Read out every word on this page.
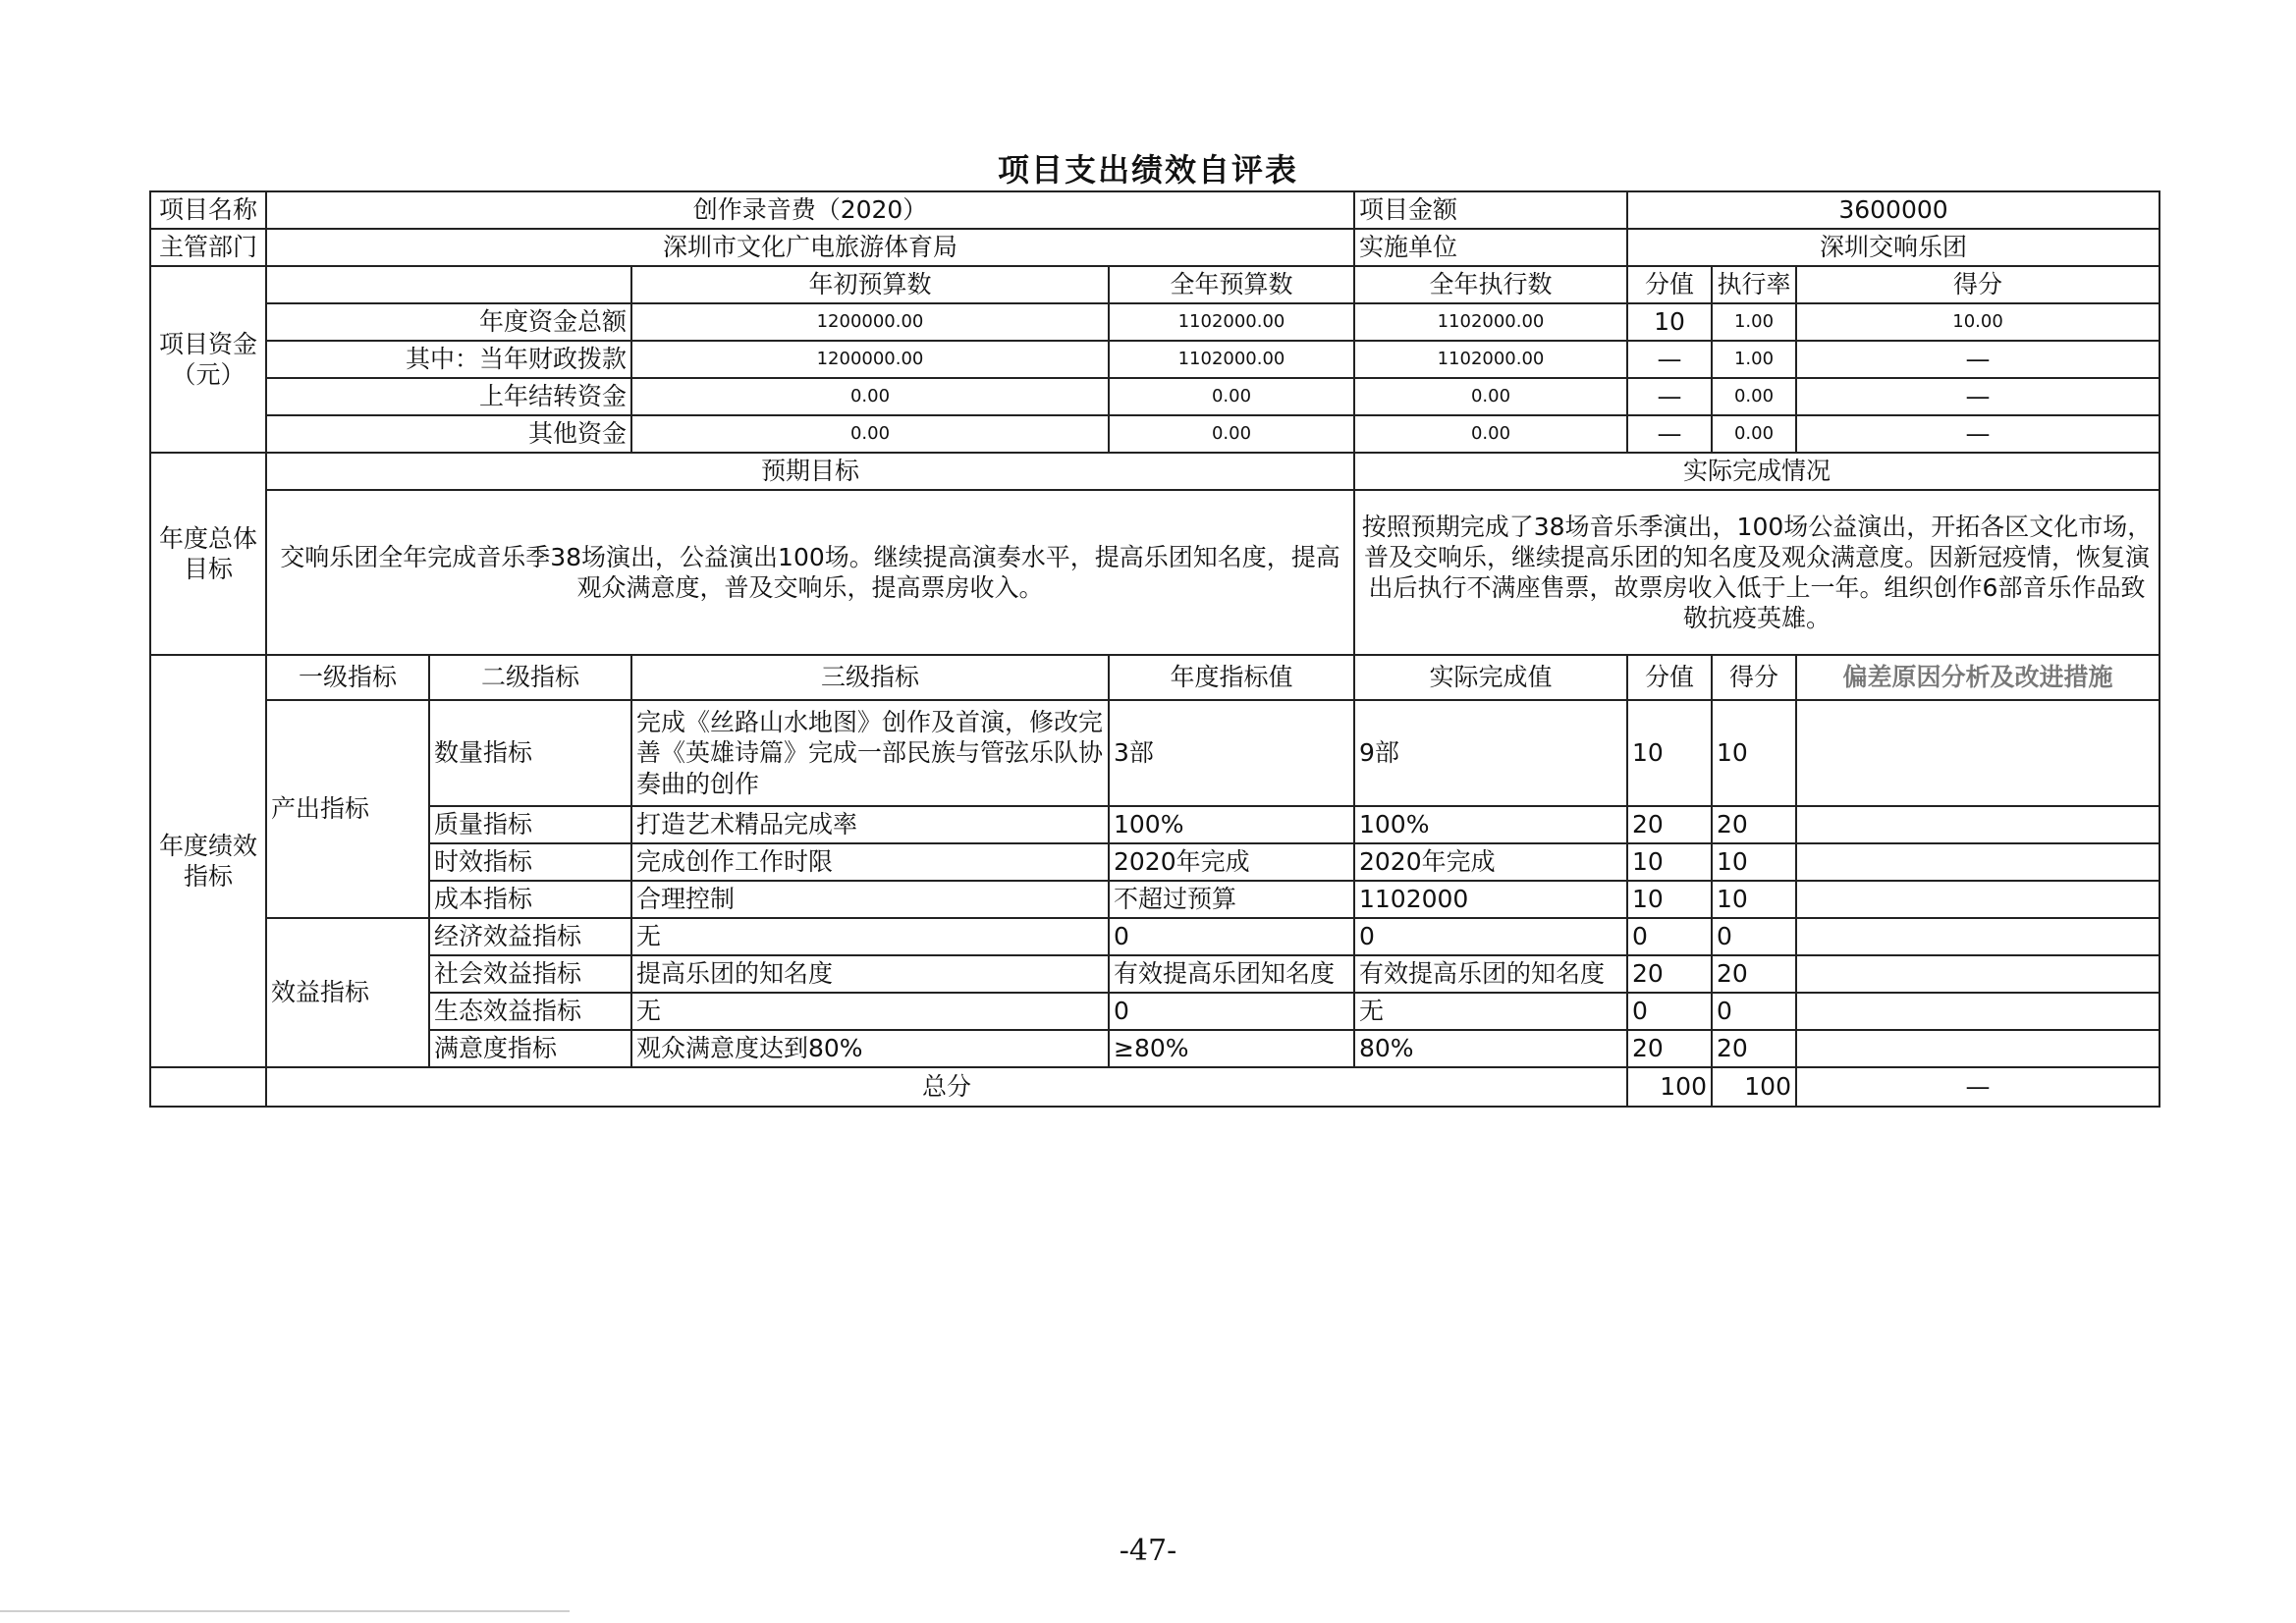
项目支出绩效自评表
项目名称	创作录音费（2020）				项目金额	3600000		
主管部门	深圳市文化广电旅游体育局				实施单位	深圳交响乐团		
项目资金
（元）			年初预算数	全年预算数	全年执行数	分值	执行率	得分
	年度资金总额		1200000.00	1102000.00	1102000.00	10	1.00	10.00
	其中：当年财政拨款		1200000.00	1102000.00	1102000.00	—	1.00	—
	上年结转资金		0.00	0.00	0.00	—	0.00	—
	其他资金		0.00	0.00	0.00	—	0.00	—
年度总体
目标	预期目标				实际完成情况			
	交响乐团全年完成音乐季38场演出，公益演出100场。继续提高演奏水平，提高乐团知名度，提高观众满意度，普及交响乐，提高票房收入。				按照预期完成了38场音乐季演出，100场公益演出，开拓各区文化市场，普及交响乐，继续提高乐团的知名度及观众满意度。因新冠疫情，恢复演出后执行不满座售票，故票房收入低于上一年。组织创作6部音乐作品致敬抗疫英雄。			
年度绩效
指标	一级指标	二级指标	三级指标	年度指标值	实际完成值	分值	得分	偏差原因分析及改进措施
	产出指标	数量指标	完成《丝路山水地图》创作及首演，修改完善《英雄诗篇》完成一部民族与管弦乐队协奏曲的创作	3部	9部	10	10	
		质量指标	打造艺术精品完成率	100%	100%	20	20	
		时效指标	完成创作工作时限	2020年完成	2020年完成	10	10	
		成本指标	合理控制	不超过预算	1102000	10	10	
	效益指标	经济效益指标	无	0	0	0	0	
		社会效益指标	提高乐团的知名度	有效提高乐团知名度	有效提高乐团的知名度	20	20	
		生态效益指标	无	0	无	0	0	
		满意度指标	观众满意度达到80%	≥80%	80%	20	20	
	总分					100	100	—
-47-
